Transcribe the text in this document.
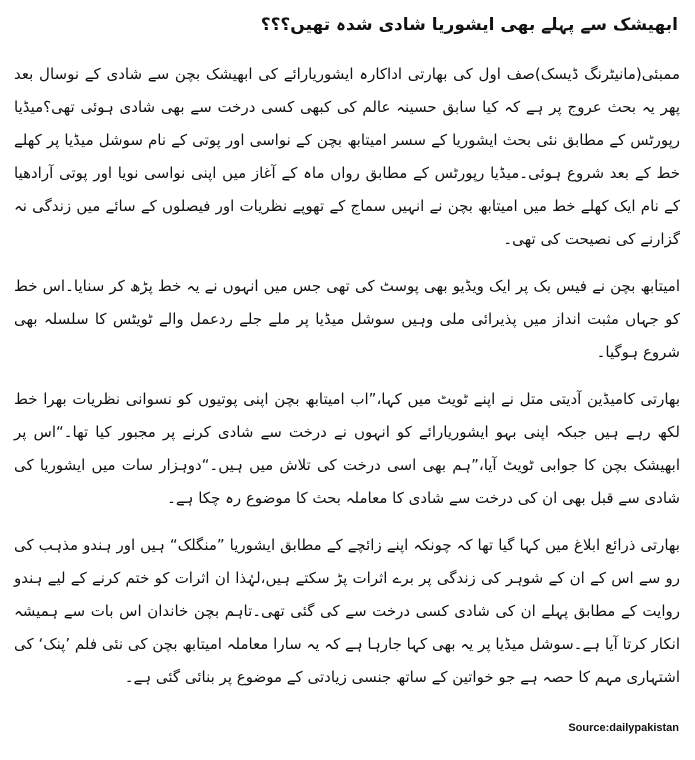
ابھیشک سے پہلے بھی ایشوریا شادی شدہ تھیں؟؟؟

ممبئی(مانیٹرنگ ڈیسک)صف اول کی بھارتی اداکارہ ایشوریارائے کی ابھیشک بچن سے شادی کے نوسال بعد پھر یہ بحث عروج پر ہے کہ کیا سابق حسینہ عالم کی کبھی کسی درخت سے بھی شادی ہوئی تھی؟میڈیا رپورٹس کے مطابق نئی بحث ایشوریا کے سسر امیتابھ بچن کے نواسی اور پوتی کے نام سوشل میڈیا پر کھلے خط کے بعد شروع ہوئی۔میڈیا رپورٹس کے مطابق رواں ماہ کے آغاز میں اپنی نواسی نویا اور پوتی آرادھیا کے نام ایک کھلے خط میں امیتابھ بچن نے انہیں سماج کے تھوپے نظریات اور فیصلوں کے سائے میں زندگی نہ گزارنے کی نصیحت کی تھی۔

امیتابھ بچن نے فیس بک پر ایک ویڈیو بھی پوسٹ کی تھی جس میں انہوں نے یہ خط پڑھ کر سنایا۔اس خط کو جہاں مثبت انداز میں پذیرائی ملی وہیں سوشل میڈیا پر ملے جلے ردعمل والے ٹویٹس کا سلسلہ بھی شروع ہوگیا۔

بھارتی کامیڈین آدیتی متل نے اپنے ٹویٹ میں کہا،”اب امیتابھ بچن اپنی پوتیوں کو نسوانی نظریات بھرا خط لکھ رہے ہیں جبکہ اپنی بہو ایشوریارائے کو انہوں نے درخت سے شادی کرنے پر مجبور کیا تھا۔“اس پر ابھیشک بچن کا جوابی ٹویٹ آیا،”ہم بھی اسی درخت کی تلاش میں ہیں۔“دوہزار سات میں ایشوریا کی شادی سے قبل بھی ان کی درخت سے شادی کا معاملہ بحث کا موضوع رہ چکا ہے۔

بھارتی ذرائع ابلاغ میں کہا گیا تھا کہ چونکہ اپنے زائچے کے مطابق ایشوریا ”منگلک“ ہیں اور ہندو مذہب کی رو سے اس کے ان کے شوہر کی زندگی پر برے اثرات پڑ سکتے ہیں،لہٰذا ان اثرات کو ختم کرنے کے لیے ہندو روایت کے مطابق پہلے ان کی شادی کسی درخت سے کی گئی تھی۔تاہم بچن خاندان اس بات سے ہمیشہ انکار کرتا آیا ہے۔سوشل میڈیا پر یہ بھی کہا جارہا ہے کہ یہ سارا معاملہ امیتابھ بچن کی نئی فلم ’پنک‘ کی اشتہاری مہم کا حصہ ہے جو خواتین کے ساتھ جنسی زیادتی کے موضوع پر بنائی گئی ہے۔

Source:dailypakistan
